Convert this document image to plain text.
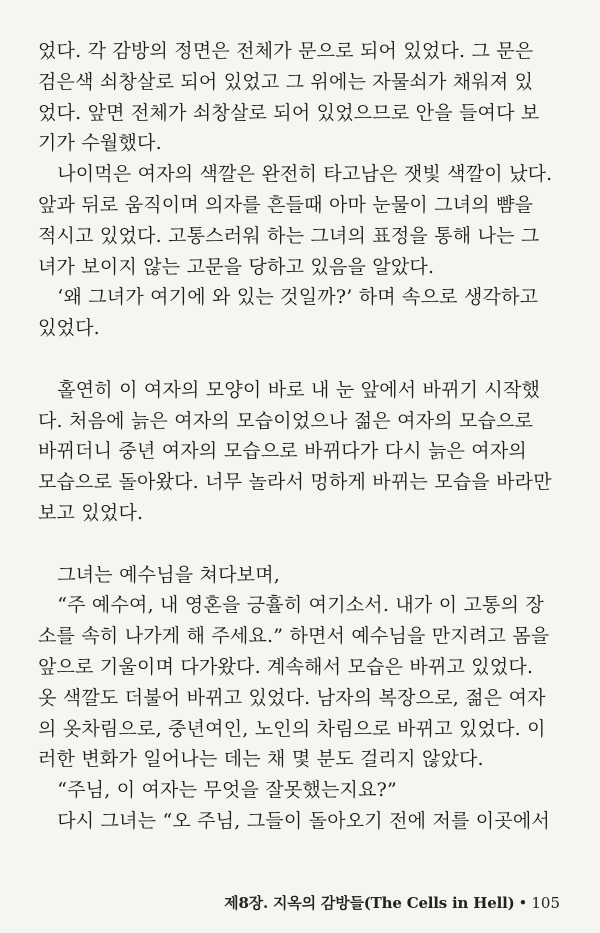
었다. 각 감방의 정면은 전체가 문으로 되어 있었다. 그 문은
검은색 쇠창살로 되어 있었고 그 위에는 자물쇠가 채워져 있
었다. 앞면 전체가 쇠창살로 되어 있었으므로 안을 들여다 보
기가 수월했다.
　나이먹은 여자의 색깔은 완전히 타고남은 잿빛 색깔이 났다.
앞과 뒤로 움직이며 의자를 흔들때 아마 눈물이 그녀의 뺨을
적시고 있었다. 고통스러워 하는 그녀의 표정을 통해 나는 그
녀가 보이지 않는 고문을 당하고 있음을 알았다.
　‘왜 그녀가 여기에 와 있는 것일까?’ 하며 속으로 생각하고
있었다.
　홀연히 이 여자의 모양이 바로 내 눈 앞에서 바뀌기 시작했
다. 처음에 늙은 여자의 모습이었으나 젊은 여자의 모습으로
바뀌더니 중년 여자의 모습으로 바뀌다가 다시 늙은 여자의
모습으로 돌아왔다. 너무 놀라서 멍하게 바뀌는 모습을 바라만
보고 있었다.
　그녀는 예수님을 쳐다보며,
　“주 예수여, 내 영혼을 긍휼히 여기소서. 내가 이 고통의 장
소를 속히 나가게 해 주세요.” 하면서 예수님을 만지려고 몸을
앞으로 기울이며 다가왔다. 계속해서 모습은 바뀌고 있었다.
옷 색깔도 더불어 바뀌고 있었다. 남자의 복장으로, 젊은 여자
의 옷차림으로, 중년여인, 노인의 차림으로 바뀌고 있었다. 이
러한 변화가 일어나는 데는 채 몇 분도 걸리지 않았다.
　“주님, 이 여자는 무엇을 잘못했는지요?”
　다시 그녀는 “오 주님, 그들이 돌아오기 전에 저를 이곳에서
제8장. 지옥의 감방들(The Cells in Hell) • 105
